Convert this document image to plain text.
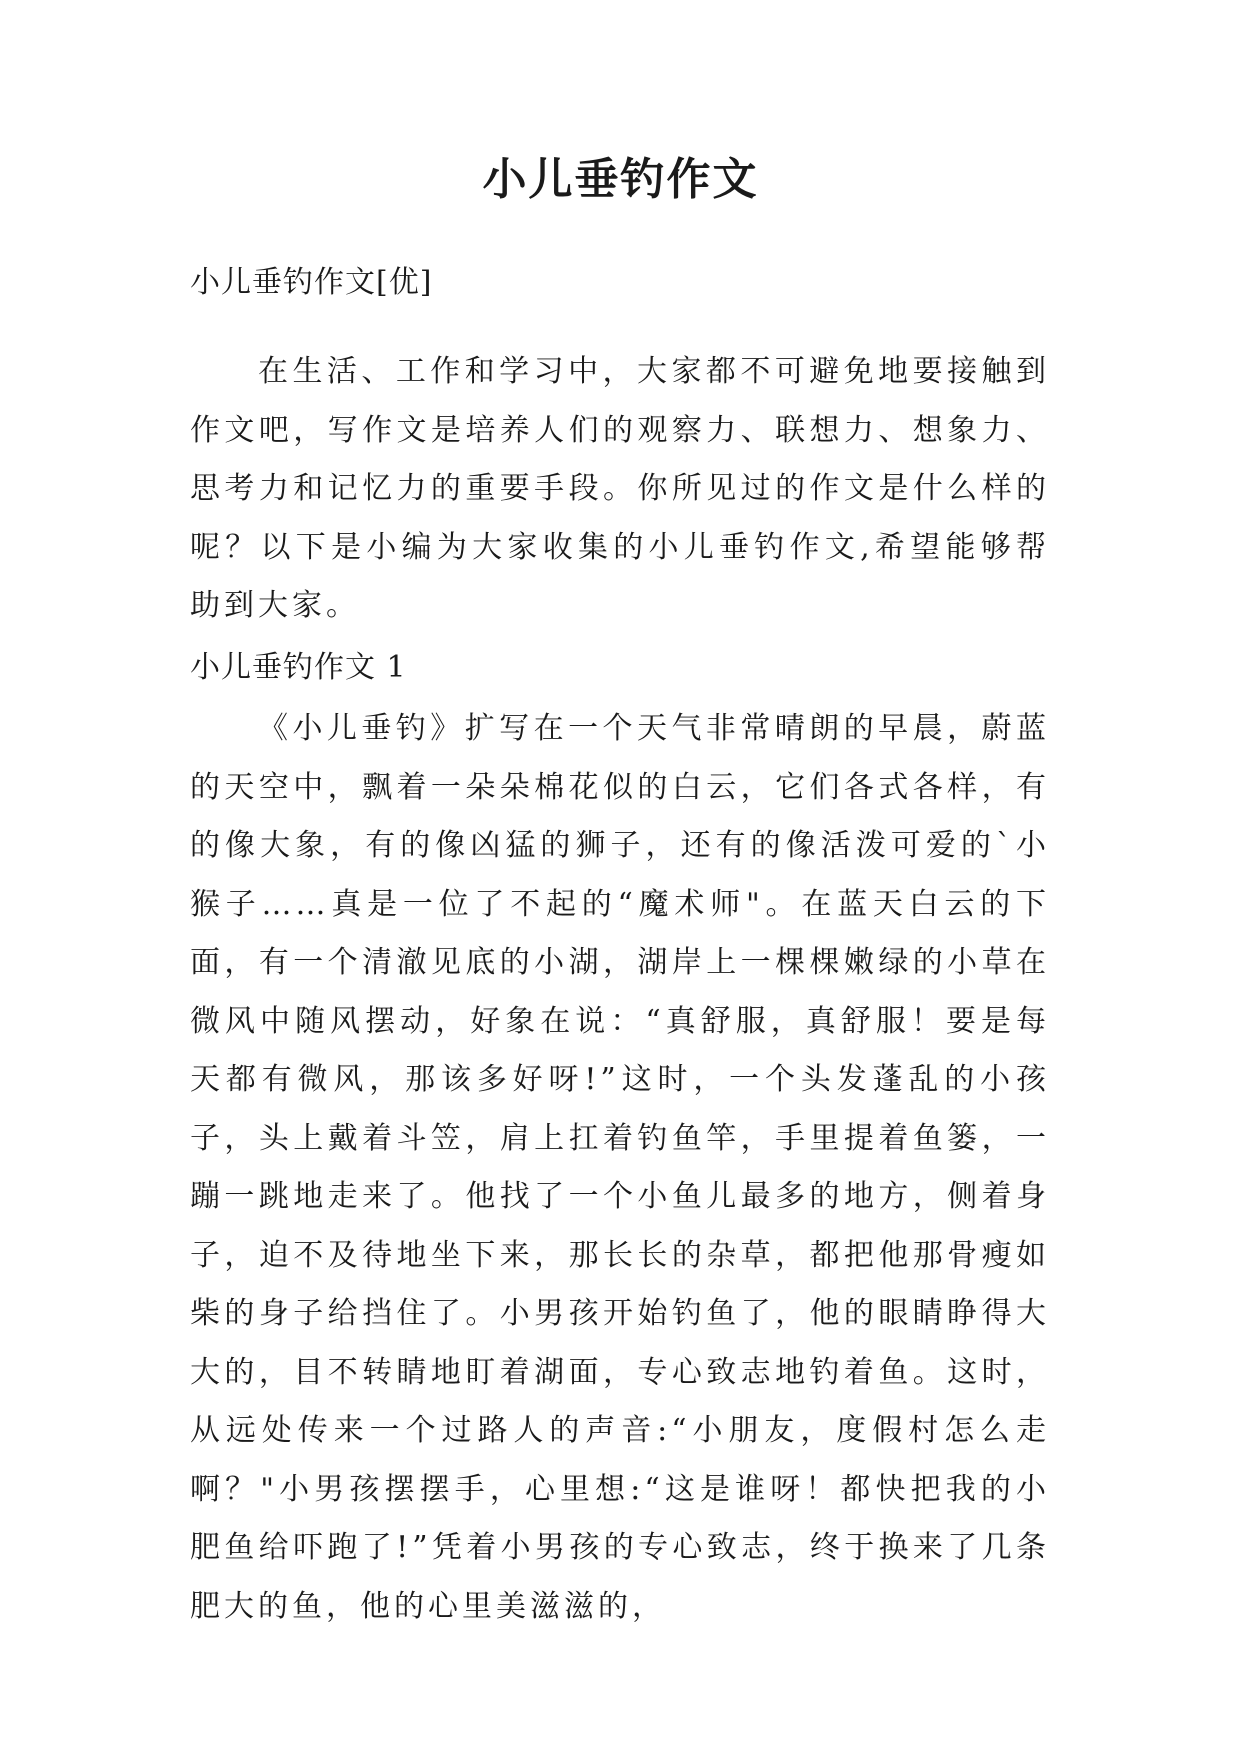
小儿垂钓作文

小儿垂钓作文[优]

在生活、工作和学习中，大家都不可避免地要接触到作文吧，写作文是培养人们的观察力、联想力、想象力、思考力和记忆力的重要手段。你所见过的作文是什么样的呢？以下是小编为大家收集的小儿垂钓作文,希望能够帮助到大家。

小儿垂钓作文 1

《小儿垂钓》扩写在一个天气非常晴朗的早晨，蔚蓝的天空中，飘着一朵朵棉花似的白云，它们各式各样，有的像大象，有的像凶猛的狮子，还有的像活泼可爱的`小猴子……真是一位了不起的“魔术师"。在蓝天白云的下面，有一个清澈见底的小湖，湖岸上一棵棵嫩绿的小草在微风中随风摆动，好象在说：“真舒服，真舒服！要是每天都有微风，那该多好呀!”这时，一个头发蓬乱的小孩子，头上戴着斗笠，肩上扛着钓鱼竿，手里提着鱼篓，一蹦一跳地走来了。他找了一个小鱼儿最多的地方，侧着身子，迫不及待地坐下来，那长长的杂草，都把他那骨瘦如柴的身子给挡住了。小男孩开始钓鱼了，他的眼睛睁得大大的，目不转睛地盯着湖面，专心致志地钓着鱼。这时，从远处传来一个过路人的声音:“小朋友，度假村怎么走啊？"小男孩摆摆手，心里想:“这是谁呀！都快把我的小肥鱼给吓跑了!”凭着小男孩的专心致志，终于换来了几条肥大的鱼，他的心里美滋滋的，
